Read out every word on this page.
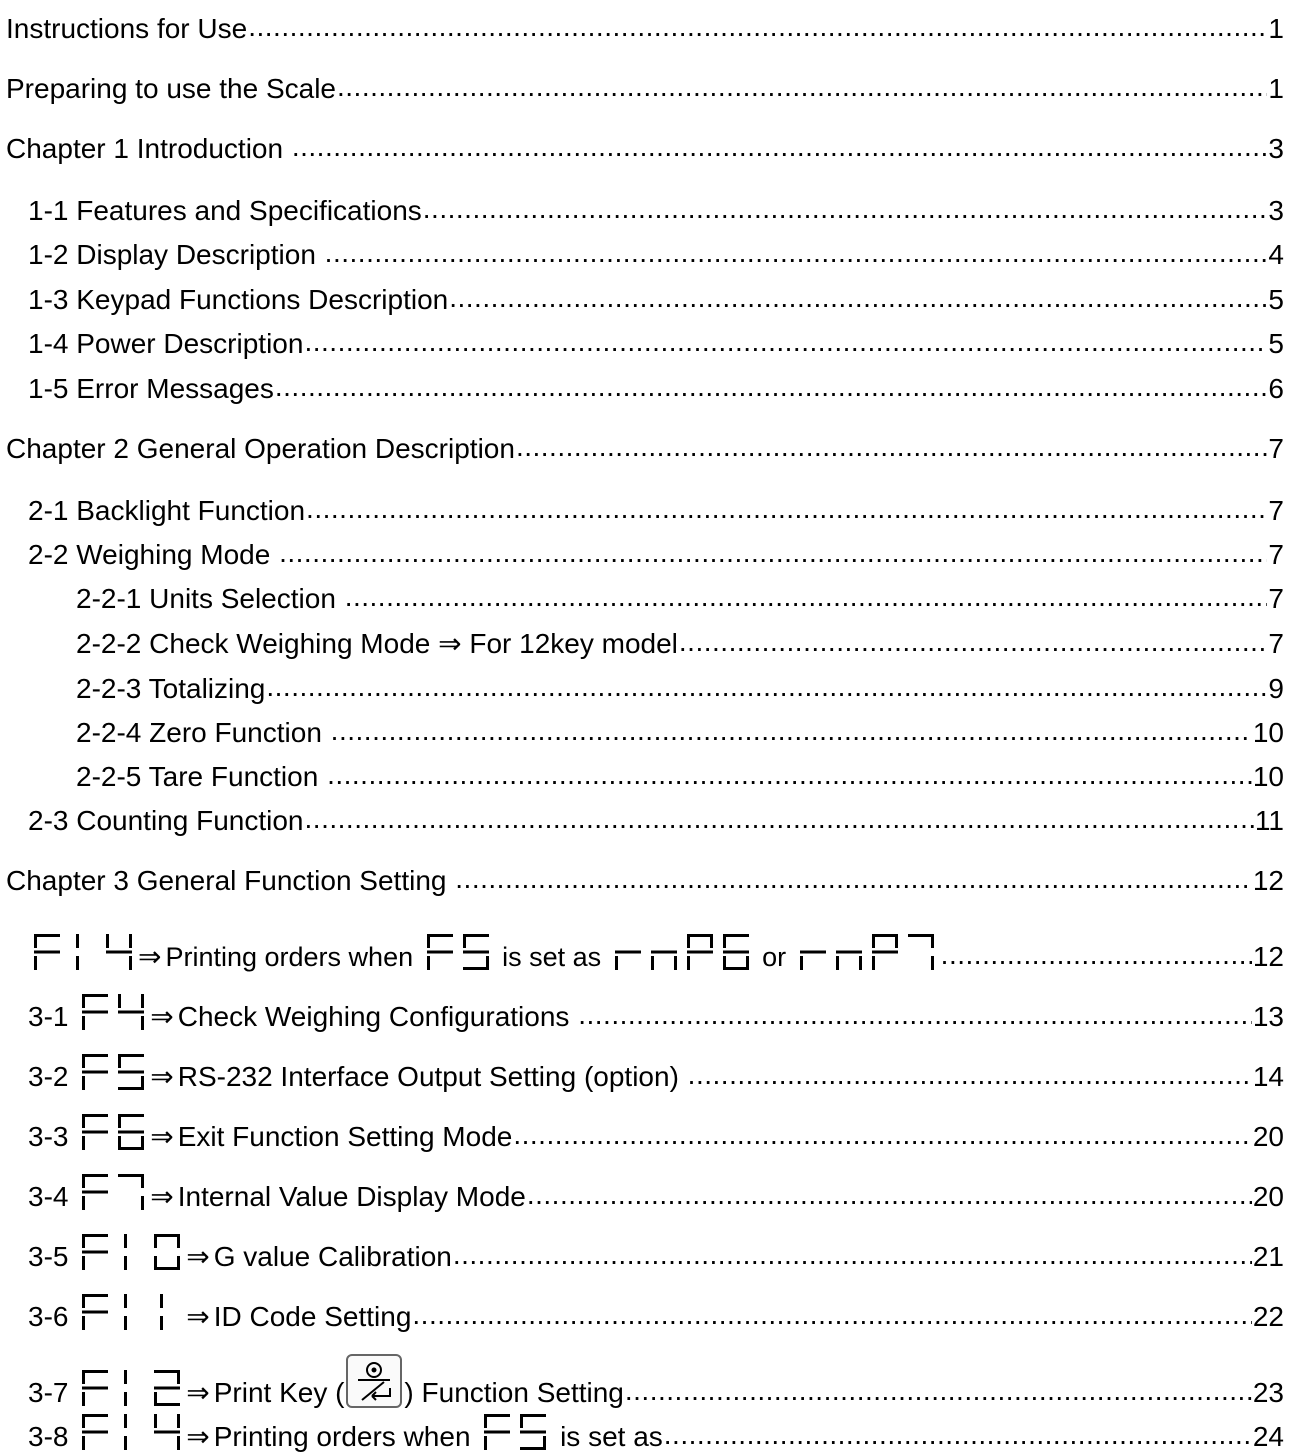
Instructions for Use .....	1
Preparing to use the Scale .....	1
Chapter 1 Introduction .....	3
1-1 Features and Specifications .....	3
1-2 Display Description .....	4
1-3 Keypad Functions Description .....	5
1-4 Power Description .....	5
1-5 Error Messages .....	6
Chapter 2 General Operation Description .....	7
2-1 Backlight Function .....	7
2-2 Weighing Mode .....	7
2-2-1 Units Selection .....	7
2-2-2 Check Weighing Mode ⇒ For 12key model .....	7
2-2-3 Totalizing .....	9
2-2-4 Zero Function .....	10
2-2-5 Tare Function .....	10
2-3 Counting Function .....	11
Chapter 3 General Function Setting .....	12
⇒ Printing orders when	is set as	or .....	12
3-1	⇒ Check Weighing Configurations .....	13
3-2	⇒ RS-232 Interface Output Setting (option) .....	14
3-3	⇒ Exit Function Setting Mode .....	20
3-4	⇒ Internal Value Display Mode .....	20
3-5	⇒ G value Calibration .....	21
3-6	⇒ ID Code Setting .....	22
3-7	⇒ Print Key ( ) Function Setting .....	23
3-8	⇒ Printing orders when	is set as .....	24
